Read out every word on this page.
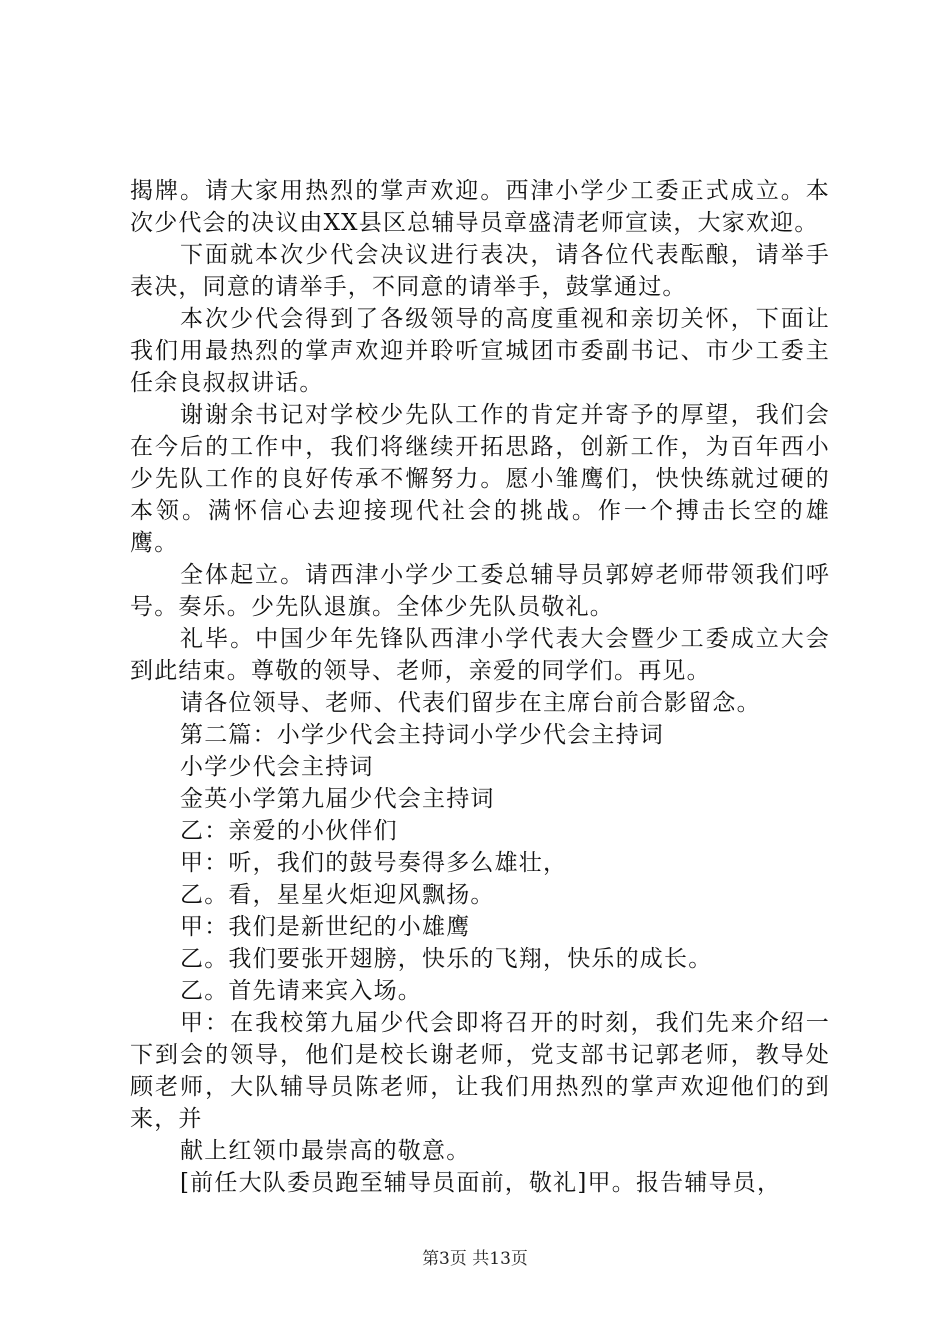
揭牌。请大家用热烈的掌声欢迎。西津小学少工委正式成立。本次少代会的决议由XX县区总辅导员章盛清老师宣读，大家欢迎。

下面就本次少代会决议进行表决，请各位代表酝酿，请举手表决，同意的请举手，不同意的请举手，鼓掌通过。

本次少代会得到了各级领导的高度重视和亲切关怀，下面让我们用最热烈的掌声欢迎并聆听宣城团市委副书记、市少工委主任余良叔叔讲话。

谢谢余书记对学校少先队工作的肯定并寄予的厚望，我们会在今后的工作中，我们将继续开拓思路，创新工作，为百年西小少先队工作的良好传承不懈努力。愿小雏鹰们，快快练就过硬的本领。满怀信心去迎接现代社会的挑战。作一个搏击长空的雄鹰。

全体起立。请西津小学少工委总辅导员郭婷老师带领我们呼号。奏乐。少先队退旗。全体少先队员敬礼。

礼毕。中国少年先锋队西津小学代表大会暨少工委成立大会到此结束。尊敬的领导、老师，亲爱的同学们。再见。

请各位领导、老师、代表们留步在主席台前合影留念。

第二篇：小学少代会主持词小学少代会主持词

小学少代会主持词

金英小学第九届少代会主持词

乙：亲爱的小伙伴们

甲：听，我们的鼓号奏得多么雄壮，

乙。看，星星火炬迎风飘扬。

甲：我们是新世纪的小雄鹰

乙。我们要张开翅膀，快乐的飞翔，快乐的成长。

乙。首先请来宾入场。

甲：在我校第九届少代会即将召开的时刻，我们先来介绍一下到会的领导，他们是校长谢老师，党支部书记郭老师，教导处顾老师，大队辅导员陈老师，让我们用热烈的掌声欢迎他们的到来，并

献上红领巾最崇高的敬意。

[前任大队委员跑至辅导员面前，敬礼]甲。报告辅导员，

第3页 共13页
